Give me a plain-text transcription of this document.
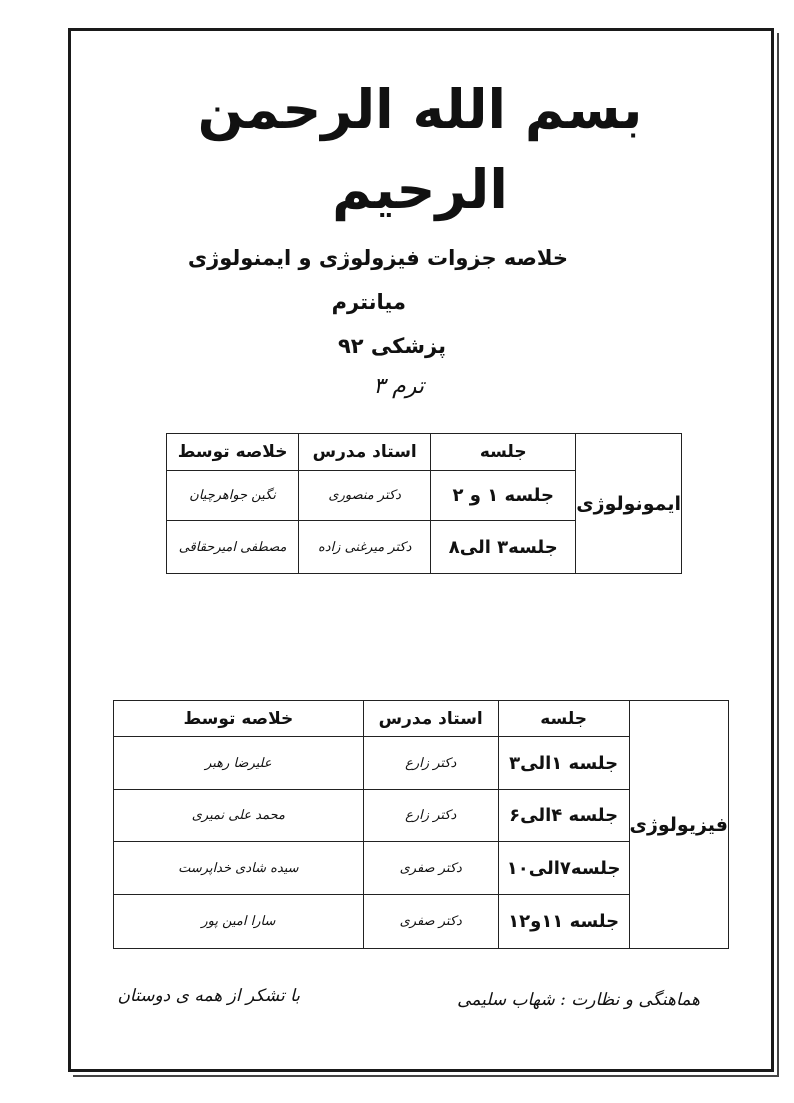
بسم الله الرحمن الرحیم
خلاصه جزوات فیزولوژی و ایمنولوژی
میانترم
پزشکی ۹۲
ترم ۳
ایمونولوژی	جلسه	استاد مدرس	خلاصه توسط
	جلسه ۱ و ۲	دکتر منصوری	نگین جواهرچیان
	جلسه۳ الی۸	دکتر میرغنی زاده	مصطفی امیرحقاقی
فیزیولوژی	جلسه	استاد مدرس	خلاصه توسط
	جلسه ۱الی۳	دکتر زارع	علیرضا رهبر
	جلسه ۴الی۶	دکتر زارع	محمد علی نمیری
	جلسه۷الی۱۰	دکتر صفری	سیده شادی خداپرست
	جلسه ۱۱و۱۲	دکتر صفری	سارا امین پور
هماهنگی و نظارت : شهاب سلیمی
با تشکر از همه ی دوستان
